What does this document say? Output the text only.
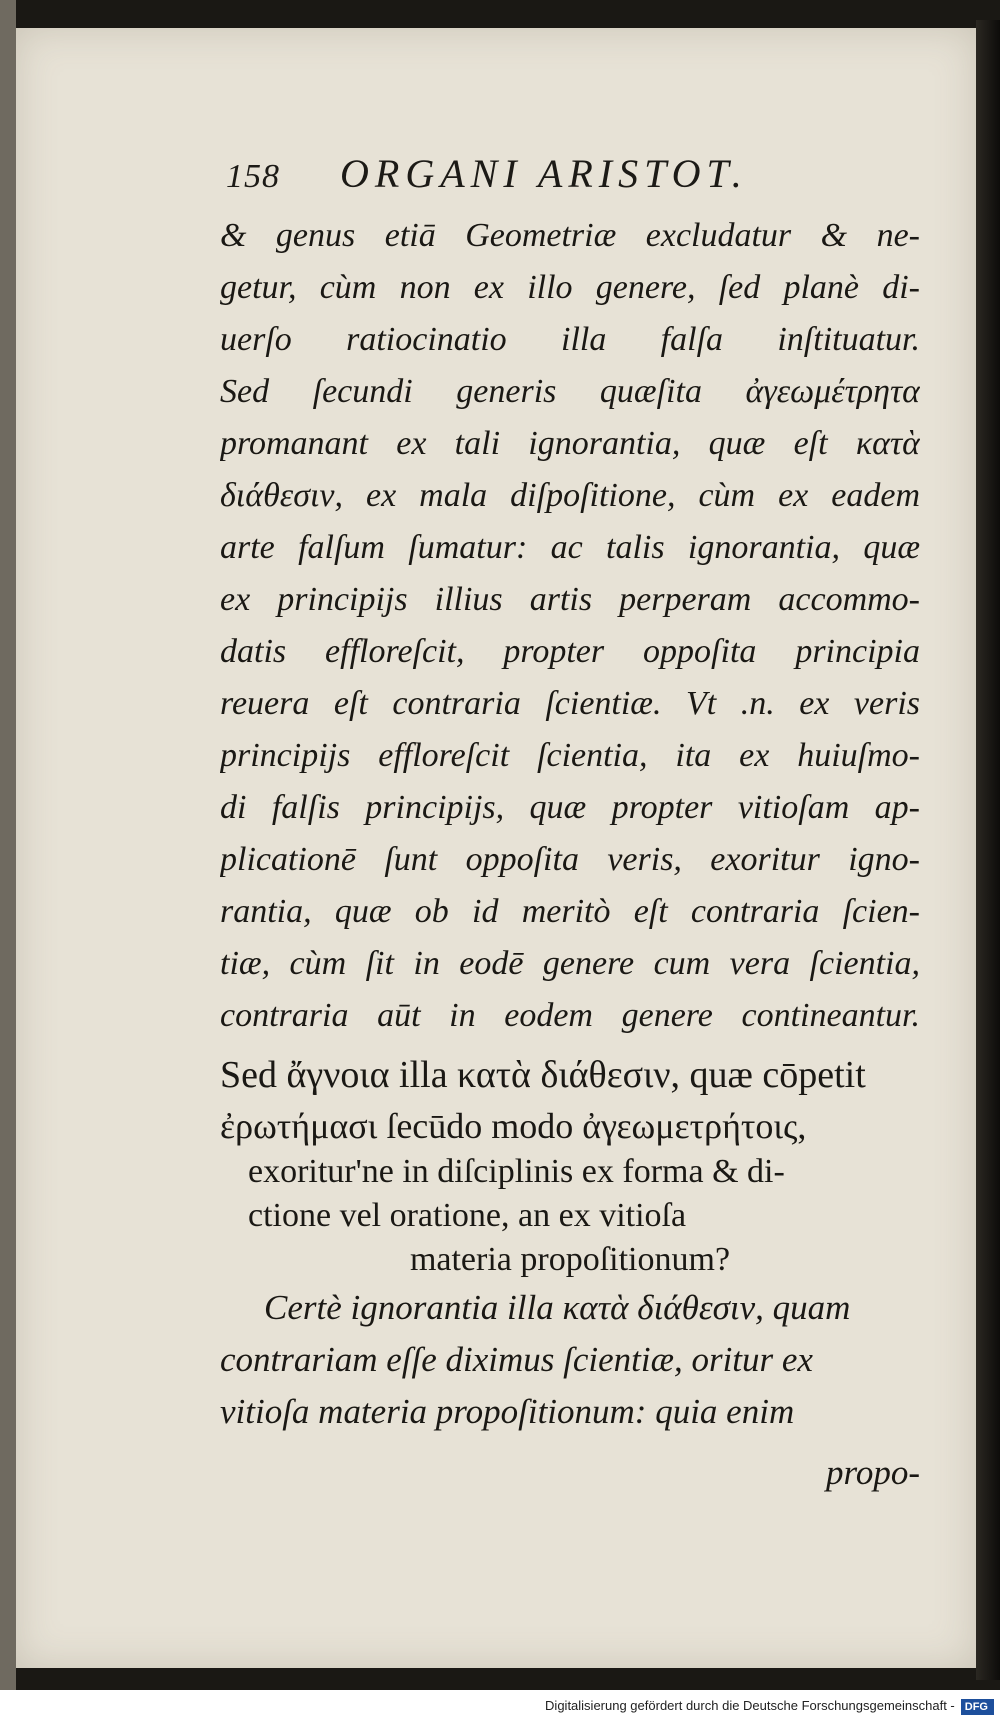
158 ORGANI ARISTOT.
& genus etiā Geometriæ excludatur & ne-
getur, cùm non ex illo genere, ſed planè di-
uerſo ratiocinatio illa falſa inſtituatur.
Sed ſecundi generis quæſita ἀγεωμέτρητα
promanant ex tali ignorantia, quæ eſt κατὰ
διάθεσιν, ex mala diſpoſitione, cùm ex eadem
arte falſum ſumatur: ac talis ignorantia, quæ
ex principijs illius artis perperam accommo-
datis effloreſcit, propter oppoſita principia
reuera eſt contraria ſcientiæ. Vt .n. ex veris
principijs effloreſcit ſcientia, ita ex huiuſmo-
di falſis principijs, quæ propter vitioſam ap-
plicationē ſunt oppoſita veris, exoritur igno-
rantia, quæ ob id meritò eſt contraria ſcien-
tiæ, cùm ſit in eodē genere cum vera ſcientia,
contraria aūt in eodem genere contineantur.
Sed ἄγνοια illa κατὰ διάθεσιν, quæ cōpetit
ἐρωτήμασι ſecūdo modo ἀγεωμετρήτοις,
exoritur'ne in diſciplinis ex forma & di-
ctione vel oratione, an ex vitioſa
materia propoſitionum?
Certè ignorantia illa κατὰ διάθεσιν, quam
contrariam eſſe diximus ſcientiæ, oritur ex
vitioſa materia propoſitionum: quia enim
propo-
Digitalisierung gefördert durch die Deutsche Forschungsgemeinschaft - DFG
